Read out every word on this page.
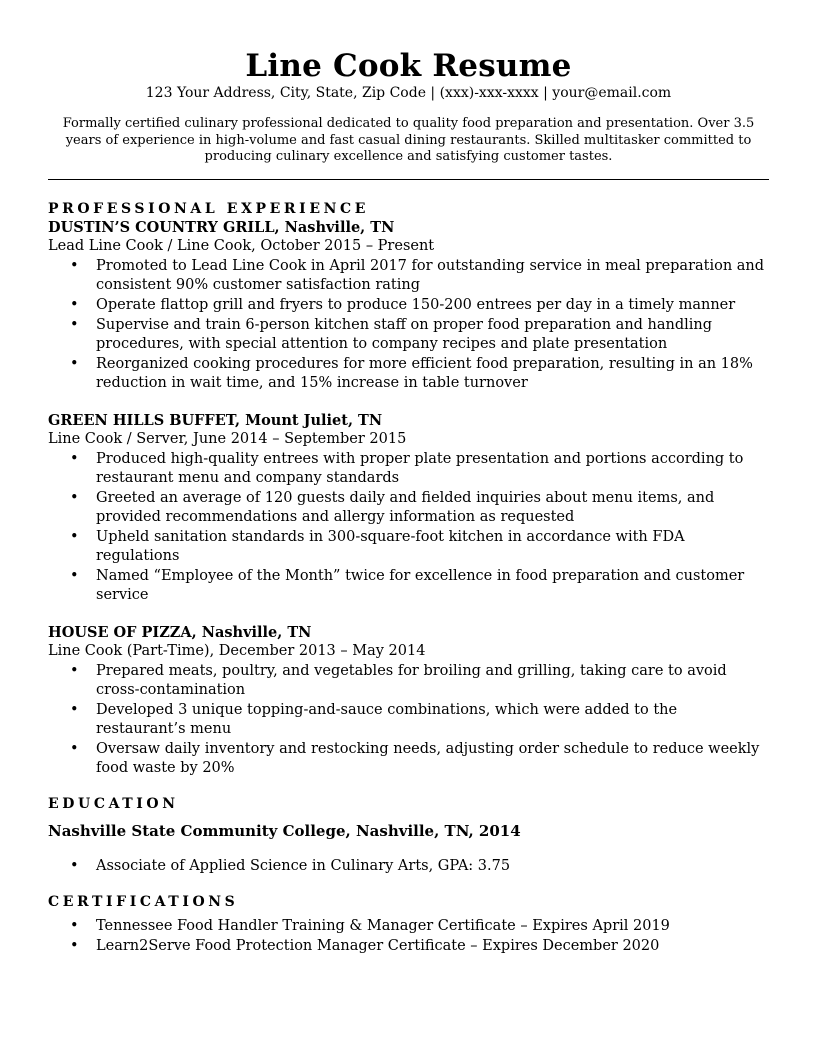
Line Cook Resume
123 Your Address, City, State, Zip Code | (xxx)-xxx-xxxx | your@email.com
Formally certified culinary professional dedicated to quality food preparation and presentation. Over 3.5 years of experience in high-volume and fast casual dining restaurants. Skilled multitasker committed to producing culinary excellence and satisfying customer tastes.
PROFESSIONAL EXPERIENCE
DUSTIN’S COUNTRY GRILL, Nashville, TN
Lead Line Cook / Line Cook, October 2015 – Present
• Promoted to Lead Line Cook in April 2017 for outstanding service in meal preparation and consistent 90% customer satisfaction rating
• Operate flattop grill and fryers to produce 150-200 entrees per day in a timely manner
• Supervise and train 6-person kitchen staff on proper food preparation and handling procedures, with special attention to company recipes and plate presentation
• Reorganized cooking procedures for more efficient food preparation, resulting in an 18% reduction in wait time, and 15% increase in table turnover
GREEN HILLS BUFFET, Mount Juliet, TN
Line Cook / Server, June 2014 – September 2015
• Produced high-quality entrees with proper plate presentation and portions according to restaurant menu and company standards
• Greeted an average of 120 guests daily and fielded inquiries about menu items, and provided recommendations and allergy information as requested
• Upheld sanitation standards in 300-square-foot kitchen in accordance with FDA regulations
• Named “Employee of the Month” twice for excellence in food preparation and customer service
HOUSE OF PIZZA, Nashville, TN
Line Cook (Part-Time), December 2013 – May 2014
• Prepared meats, poultry, and vegetables for broiling and grilling, taking care to avoid cross-contamination
• Developed 3 unique topping-and-sauce combinations, which were added to the restaurant’s menu
• Oversaw daily inventory and restocking needs, adjusting order schedule to reduce weekly food waste by 20%
EDUCATION
Nashville State Community College, Nashville, TN, 2014
• Associate of Applied Science in Culinary Arts, GPA: 3.75
CERTIFICATIONS
• Tennessee Food Handler Training & Manager Certificate – Expires April 2019
• Learn2Serve Food Protection Manager Certificate – Expires December 2020
